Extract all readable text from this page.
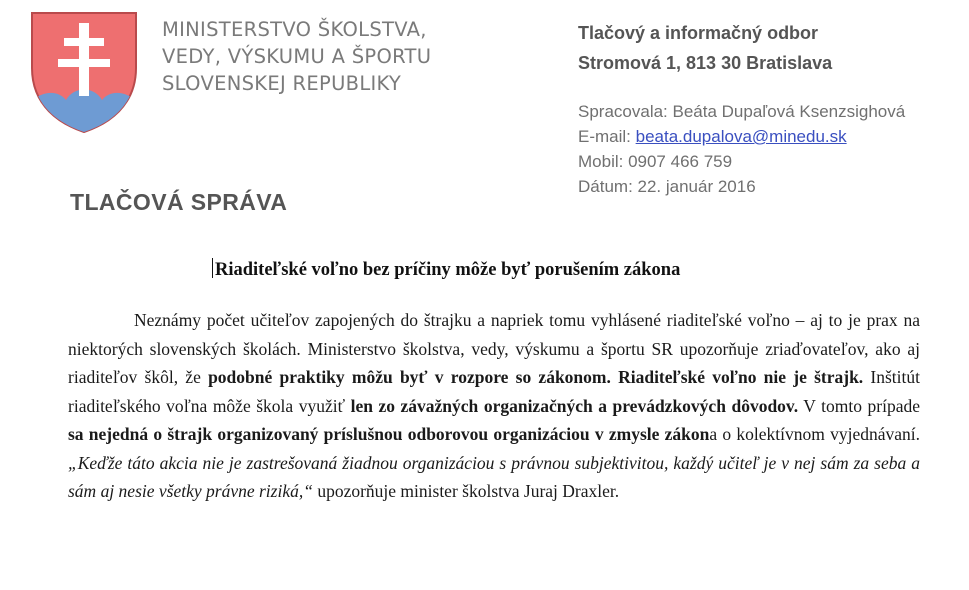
MINISTERSTVO ŠKOLSTVA,
VEDY, VÝSKUMU A ŠPORTU
SLOVENSKEJ REPUBLIKY
Tlačový a informačný odbor
Stromová 1, 813 30 Bratislava
Spracovala: Beáta Dupaľová Ksenzsighová
E-mail: beata.dupalova@minedu.sk
Mobil: 0907 466 759
Dátum: 22. január 2016
TLAČOVÁ SPRÁVA
Riaditeľské voľno bez príčiny môže byť porušením zákona

Neznámy počet učiteľov zapojených do štrajku a napriek tomu vyhlásené riaditeľské voľno – aj to je prax na niektorých slovenských školách. Ministerstvo školstva, vedy, výskumu a športu SR upozorňuje zriaďovateľov, ako aj riaditeľov škôl, že podobné praktiky môžu byť v rozpore so zákonom. Riaditeľské voľno nie je štrajk. Inštitút riaditeľského voľna môže škola využiť len zo závažných organizačných a prevádzkových dôvodov. V tomto prípade sa nejedná o štrajk organizovaný príslušnou odborovou organizáciou v zmysle zákona o kolektívnom vyjednávaní. „Keďže táto akcia nie je zastrešovaná žiadnou organizáciou s právnou subjektivitou, každý učiteľ je v nej sám za seba a sám aj nesie všetky právne riziká,“ upozorňuje minister školstva Juraj Draxler.
